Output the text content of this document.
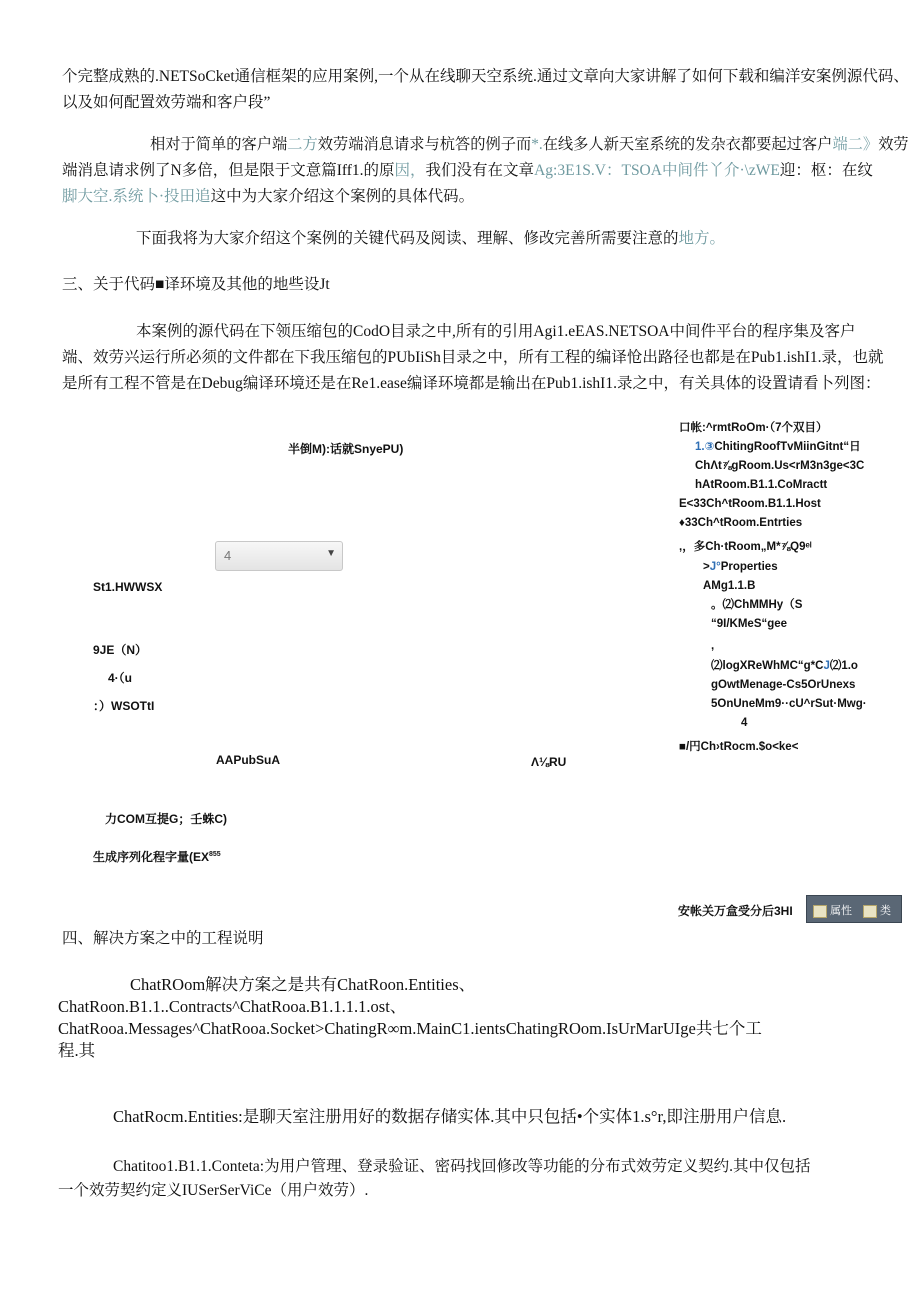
个完整成熟的.NETSoCket通信框架的应用案例,一个从在线聊天空系统.通过文章向大家讲解了如何下载和编洋安案例源代码、

以及如何配置效劳端和客户段”

相对于简单的客户端二方效劳端消息请求与杭答的例子而*.在线多人新天室系统的发杂衣都要起过客户端二》效劳

端消息请求例了N多倍，但是限于文意篇Iff1.的原因，我们没有在文章Ag:3E1S.V：TSOA中间件丫介·\zWE迎：枢：在纹

脚大空.系统卜·投田追这中为大家介绍这个案例的具体代码。

下面我将为大家介绍这个案例的关键代码及阅读、理解、修改完善所需要注意的地方。

三、关于代码■译环境及其他的地些设Jt

本案例的源代码在下领压缩包的CodO目录之中,所有的引用Agi1.eEAS.NETSOA中间件平台的程序集及客户

端、效劳兴运行所必须的文件都在下我压缩包的PUbIiSh目录之中，所有工程的编译怆出路径也都是在Pub1.ishI1.录，也就

是所有工程不管是在Debug编译环境还是在Re1.ease编译环境都是输出在Pub1.ishI1.录之中，有关具体的设置请看卜列图：

半倒M):话就SnyePU)
4	▼
St1.HWWSX
9JE（N）
4·（u
：）WSOTtI
AAPubSuA	Λ⅛RU
力COM互提G；壬蛛C)
生成序列化程字量(EX$^{855}$
安帐关万盒受分后3HI	属性	类
口帐:^rmtRoOm·（7个双目）
1.③ChitingRoofTvMiinGitnt“日
ChΛt⅞gRoom.Us<rM3n3ge<3C
hAtRoom.B1.1.CoMractt
E<33Ch^tRoom.B1.1.Host
♦33Ch^tRoom.Entrties
,，多Ch·tRoom„M*⅞Q9ᵉˡ
>J°Properties
AMg1.1.B
。⑵ChMMHy（S
“9I/KMeS“gee
,
⑵logXReWhMC“g*CJ⑵1.o
gOwtMenage-Cs5OrUnexs
5OnUneMm9··cU^rSut·Mwg·
4
■/円Ch›tRocm.$o<ke<

四、解决方案之中的工程说明

ChatROom解决方案之是共有ChatRoon.Entities、

ChatRoon.B1.1..Contracts^ChatRooa.B1.1.1.1.ost、

ChatRooa.Messages^ChatRooa.Socket>ChatingR∞m.MainC1.ientsChatingROom.IsUrMarUIge共七个工

程.其

ChatRocm.Entities:是聊天室注册用好的数据存储实体.其中只包括•个实体1.s°r,即注册用户信息.

Chatitoo1.B1.1.Conteta:为用户管理、登录验证、密码找回修改等功能的分布式效劳定义契约.其中仅包括

一个效劳契约定义IUSerSerViCe（用户效劳）.
